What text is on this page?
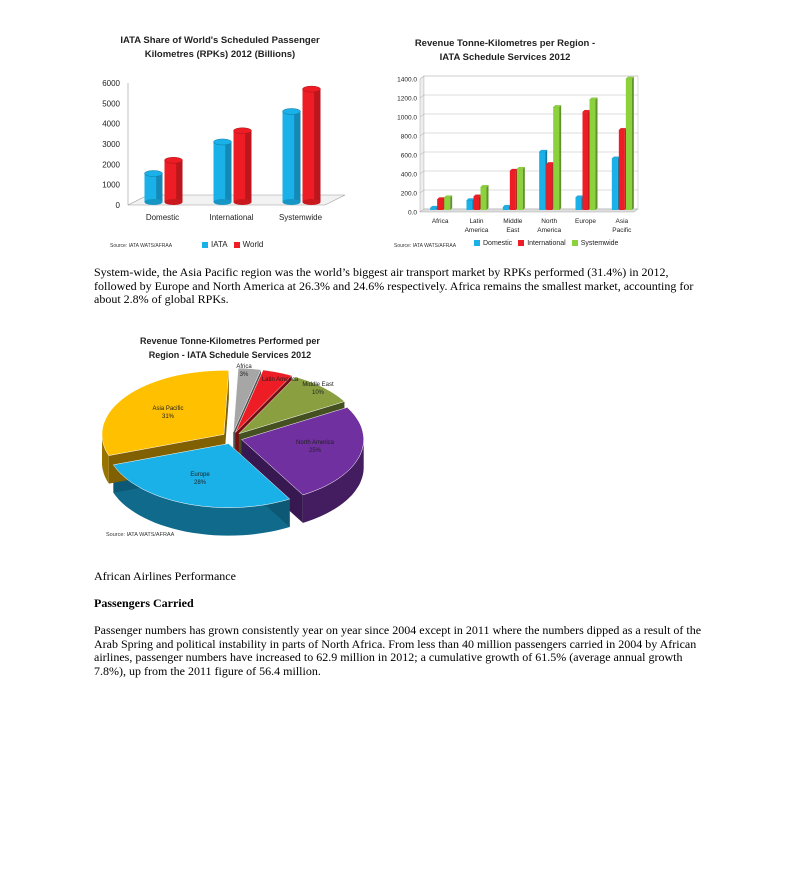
IATA Share of World's Scheduled Passenger Kilometres (RPKs) 2012 (Billions)
0
1000
2000
3000
4000
5000
6000
Domestic	International	Systemwide
Source: IATA WATS/AFRAA	IATA	World
Revenue Tonne-Kilometres per Region - IATA Schedule Services 2012
0.0
200.0
400.0
600.0
800.0
1000.0
1200.0
1400.0
Africa	Latin
America
Middle
East
North
America
Europe	Asia
Pacific
Source: IATA WATS/AFRAA	Domestic	International	Systemwide
System-wide, the Asia Pacific region was the world’s biggest air transport market by RPKs performed (31.4%) in 2012, followed by Europe and North America at 26.3% and 24.6% respectively. Africa remains the smallest market, accounting for about 2.8% of global RPKs.
Revenue Tonne-Kilometres Performed per Region - IATA Schedule Services 2012
Africa
3%
Latin America
Middle East
10%
North America
25%
Europe
28%
Asia Pacific
31%
Source: IATA WATS/AFRAA
African Airlines Performance
Passengers Carried
Passenger numbers has grown consistently year on year since 2004 except in 2011 where the numbers dipped as a result of the Arab Spring and political instability in parts of North Africa. From less than 40 million passengers carried in 2004 by African airlines, passenger numbers have increased to 62.9 million in 2012; a cumulative growth of 61.5% (average annual growth 7.8%), up from the 2011 figure of 56.4 million.
